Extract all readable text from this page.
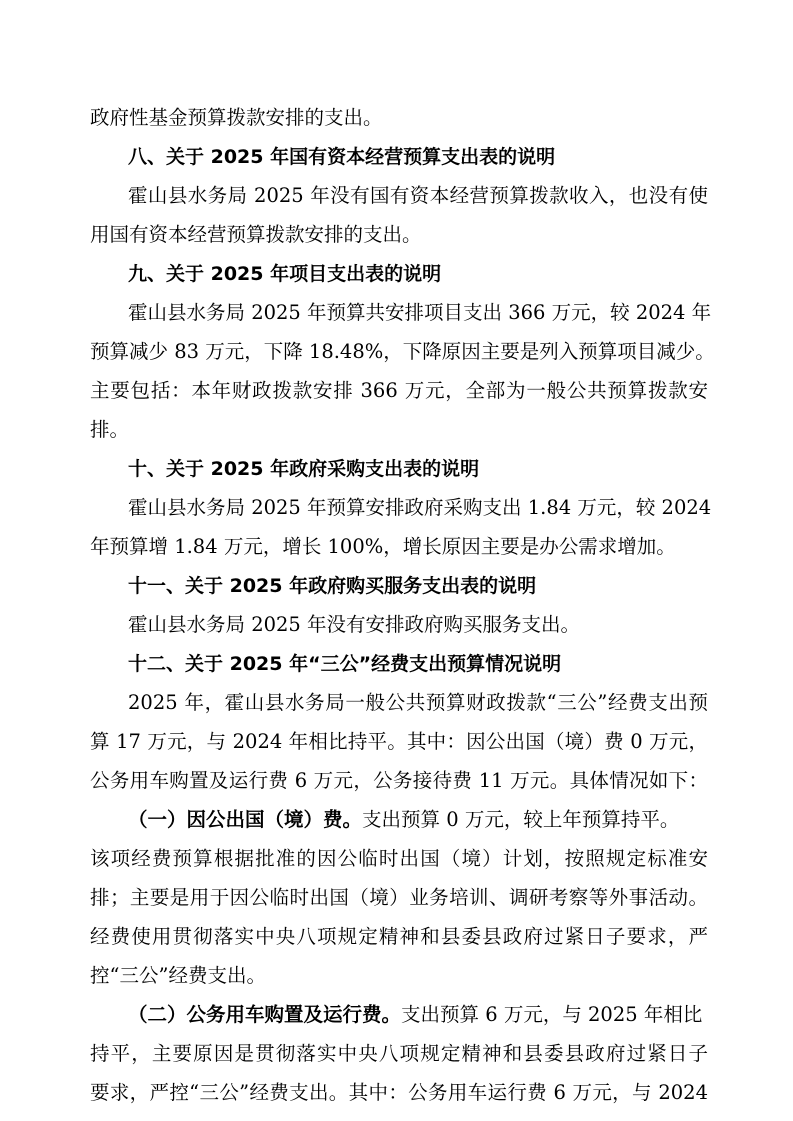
政府性基金预算拨款安排的支出。
八、关于 2025 年国有资本经营预算支出表的说明
霍山县水务局 2025 年没有国有资本经营预算拨款收入，也没有使
用国有资本经营预算拨款安排的支出。
九、关于 2025 年项目支出表的说明
霍山县水务局 2025 年预算共安排项目支出 366 万元，较 2024 年
预算减少 83 万元，下降 18.48%，下降原因主要是列入预算项目减少。
主要包括：本年财政拨款安排 366 万元，全部为一般公共预算拨款安
排。
十、关于 2025 年政府采购支出表的说明
霍山县水务局 2025 年预算安排政府采购支出 1.84 万元，较 2024
年预算增 1.84 万元，增长 100%，增长原因主要是办公需求增加。
十一、关于 2025 年政府购买服务支出表的说明
霍山县水务局 2025 年没有安排政府购买服务支出。
十二、关于 2025 年“三公”经费支出预算情况说明
2025 年，霍山县水务局一般公共预算财政拨款“三公”经费支出预
算 17 万元，与 2024 年相比持平。其中：因公出国（境）费 0 万元，
公务用车购置及运行费 6 万元，公务接待费 11 万元。具体情况如下：
（一）因公出国（境）费。支出预算 0 万元，较上年预算持平。
该项经费预算根据批准的因公临时出国（境）计划，按照规定标准安
排；主要是用于因公临时出国（境）业务培训、调研考察等外事活动。
经费使用贯彻落实中央八项规定精神和县委县政府过紧日子要求，严
控“三公”经费支出。
（二）公务用车购置及运行费。支出预算 6 万元，与 2025 年相比
持平，主要原因是贯彻落实中央八项规定精神和县委县政府过紧日子
要求，严控“三公”经费支出。其中：公务用车运行费 6 万元，与 2024
